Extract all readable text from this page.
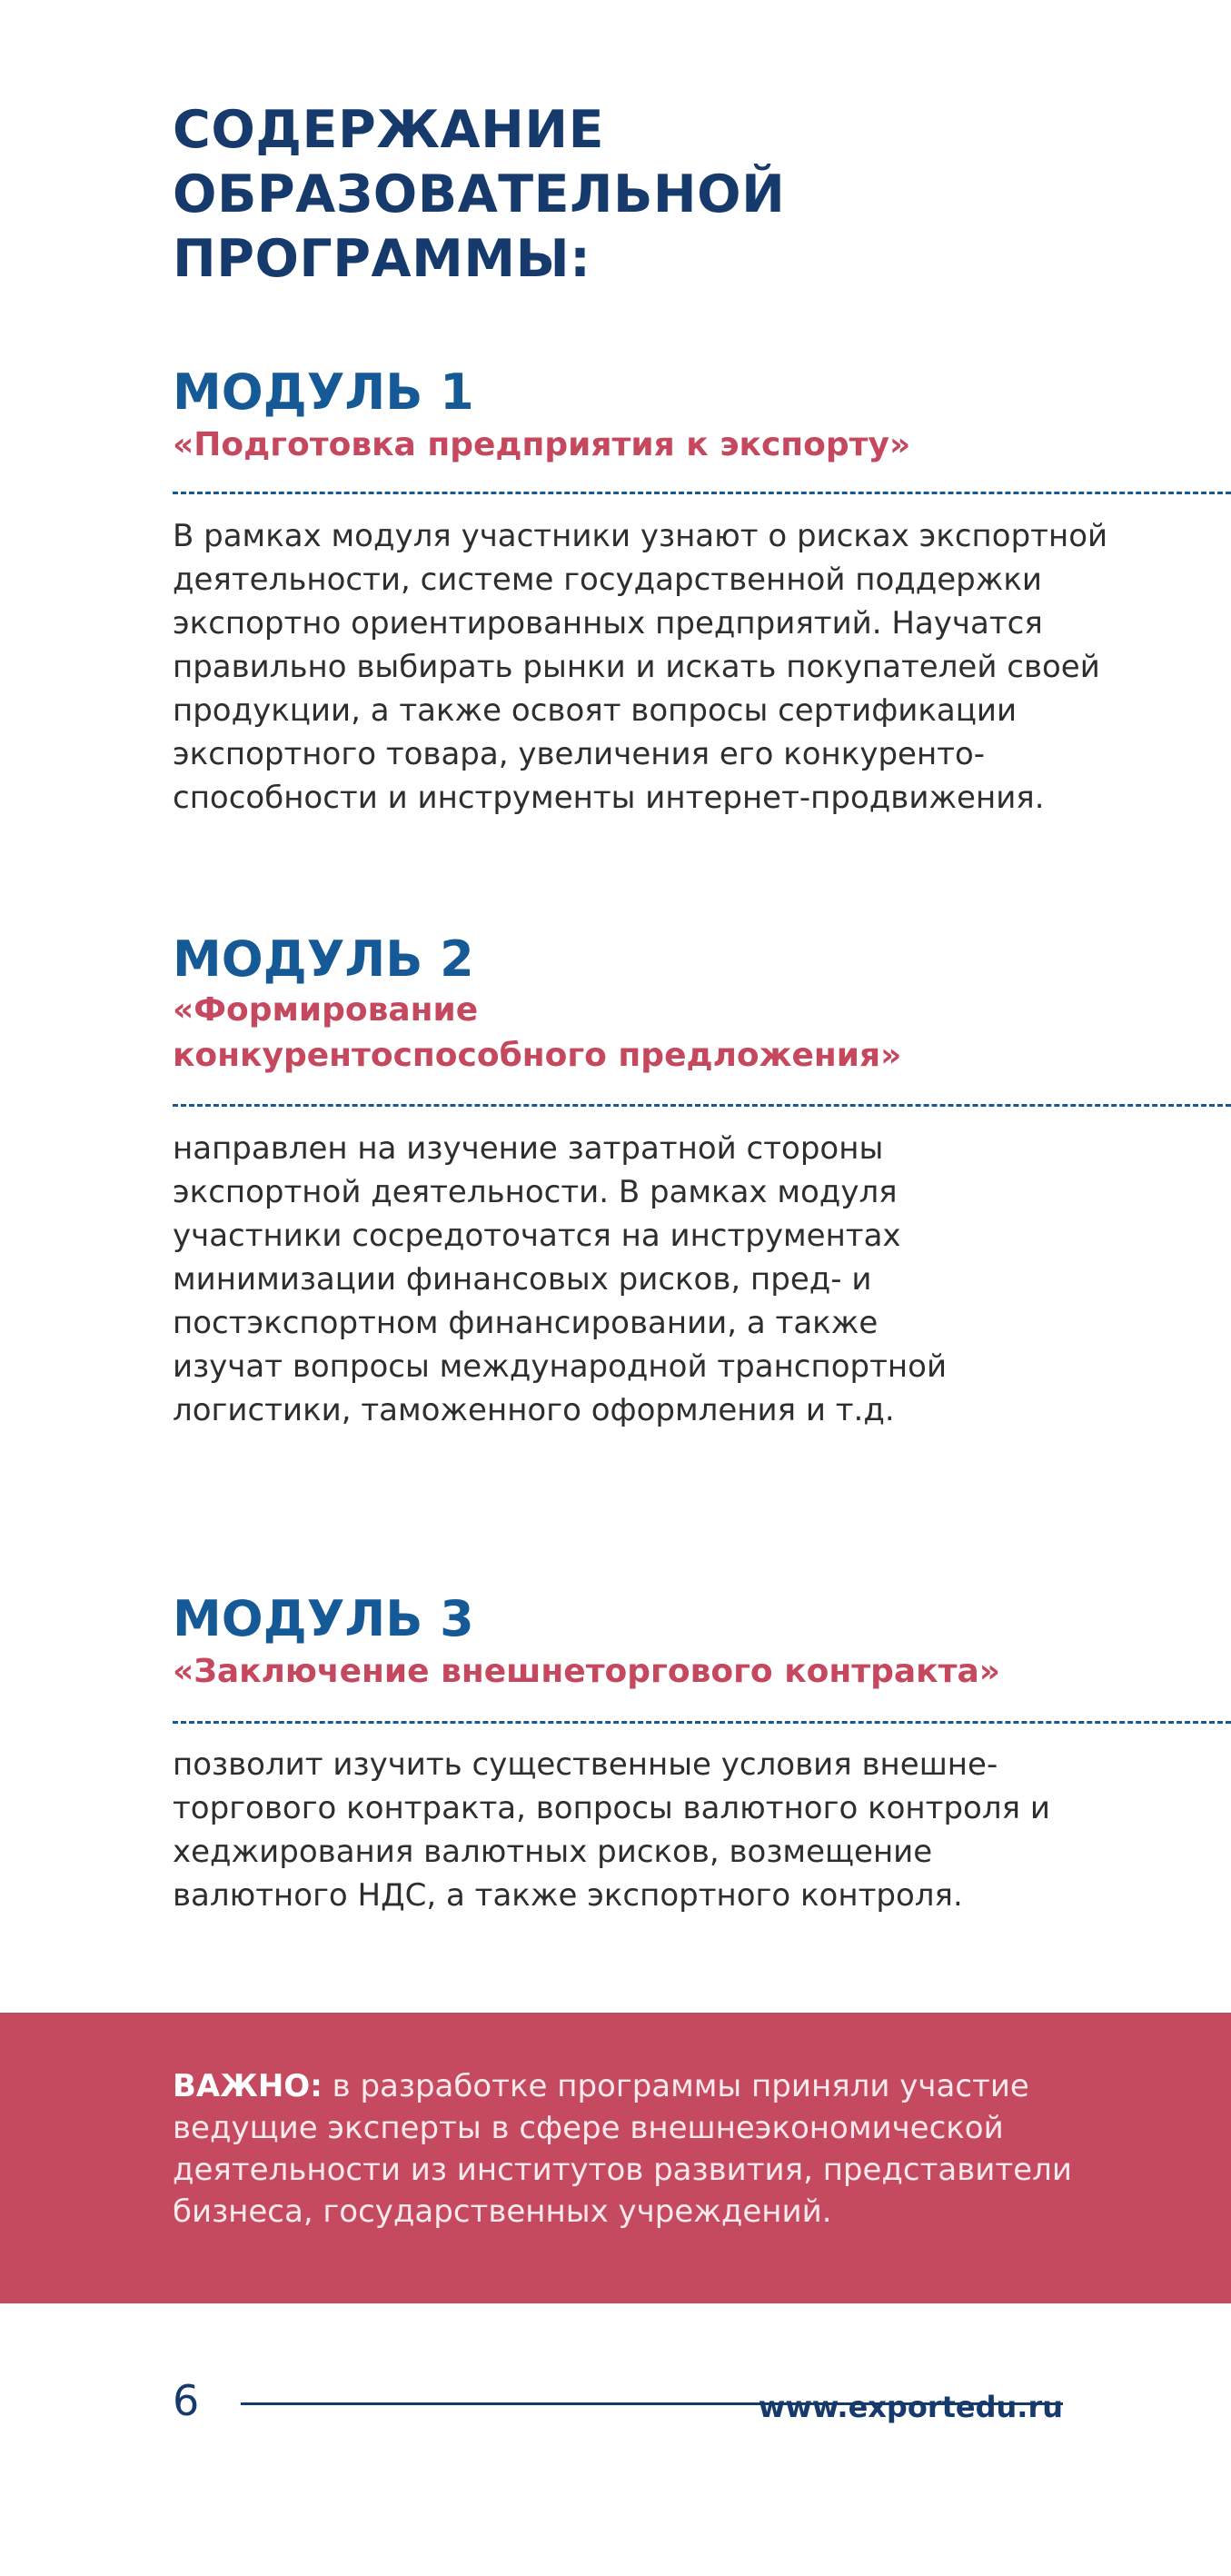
СОДЕРЖАНИЕ
ОБРАЗОВАТЕЛЬНОЙ
ПРОГРАММЫ:
МОДУЛЬ 1
«Подготовка предприятия к экспорту»
В рамках модуля участники узнают о рисках экспортной
деятельности, системе государственной поддержки
экспортно ориентированных предприятий. Научатся
правильно выбирать рынки и искать покупателей своей
продукции, а также освоят вопросы сертификации
экспортного товара, увеличения его конкуренто-
способности и инструменты интернет-продвижения.
МОДУЛЬ 2
«Формирование
конкурентоспособного предложения»
направлен на изучение затратной стороны
экспортной деятельности. В рамках модуля
участники сосредоточатся на инструментах
минимизации финансовых рисков, пред- и
постэкспортном финансировании, а также
изучат вопросы международной транспортной
логистики, таможенного оформления и т.д.
МОДУЛЬ 3
«Заключение внешнеторгового контракта»
позволит изучить существенные условия внешне-
торгового контракта, вопросы валютного контроля и
хеджирования валютных рисков, возмещение
валютного НДС, а также экспортного контроля.
ВАЖНО: в разработке программы приняли участие
ведущие эксперты в сфере внешнеэкономической
деятельности из институтов развития, представители
бизнеса, государственных учреждений.
6	www.exportedu.ru
